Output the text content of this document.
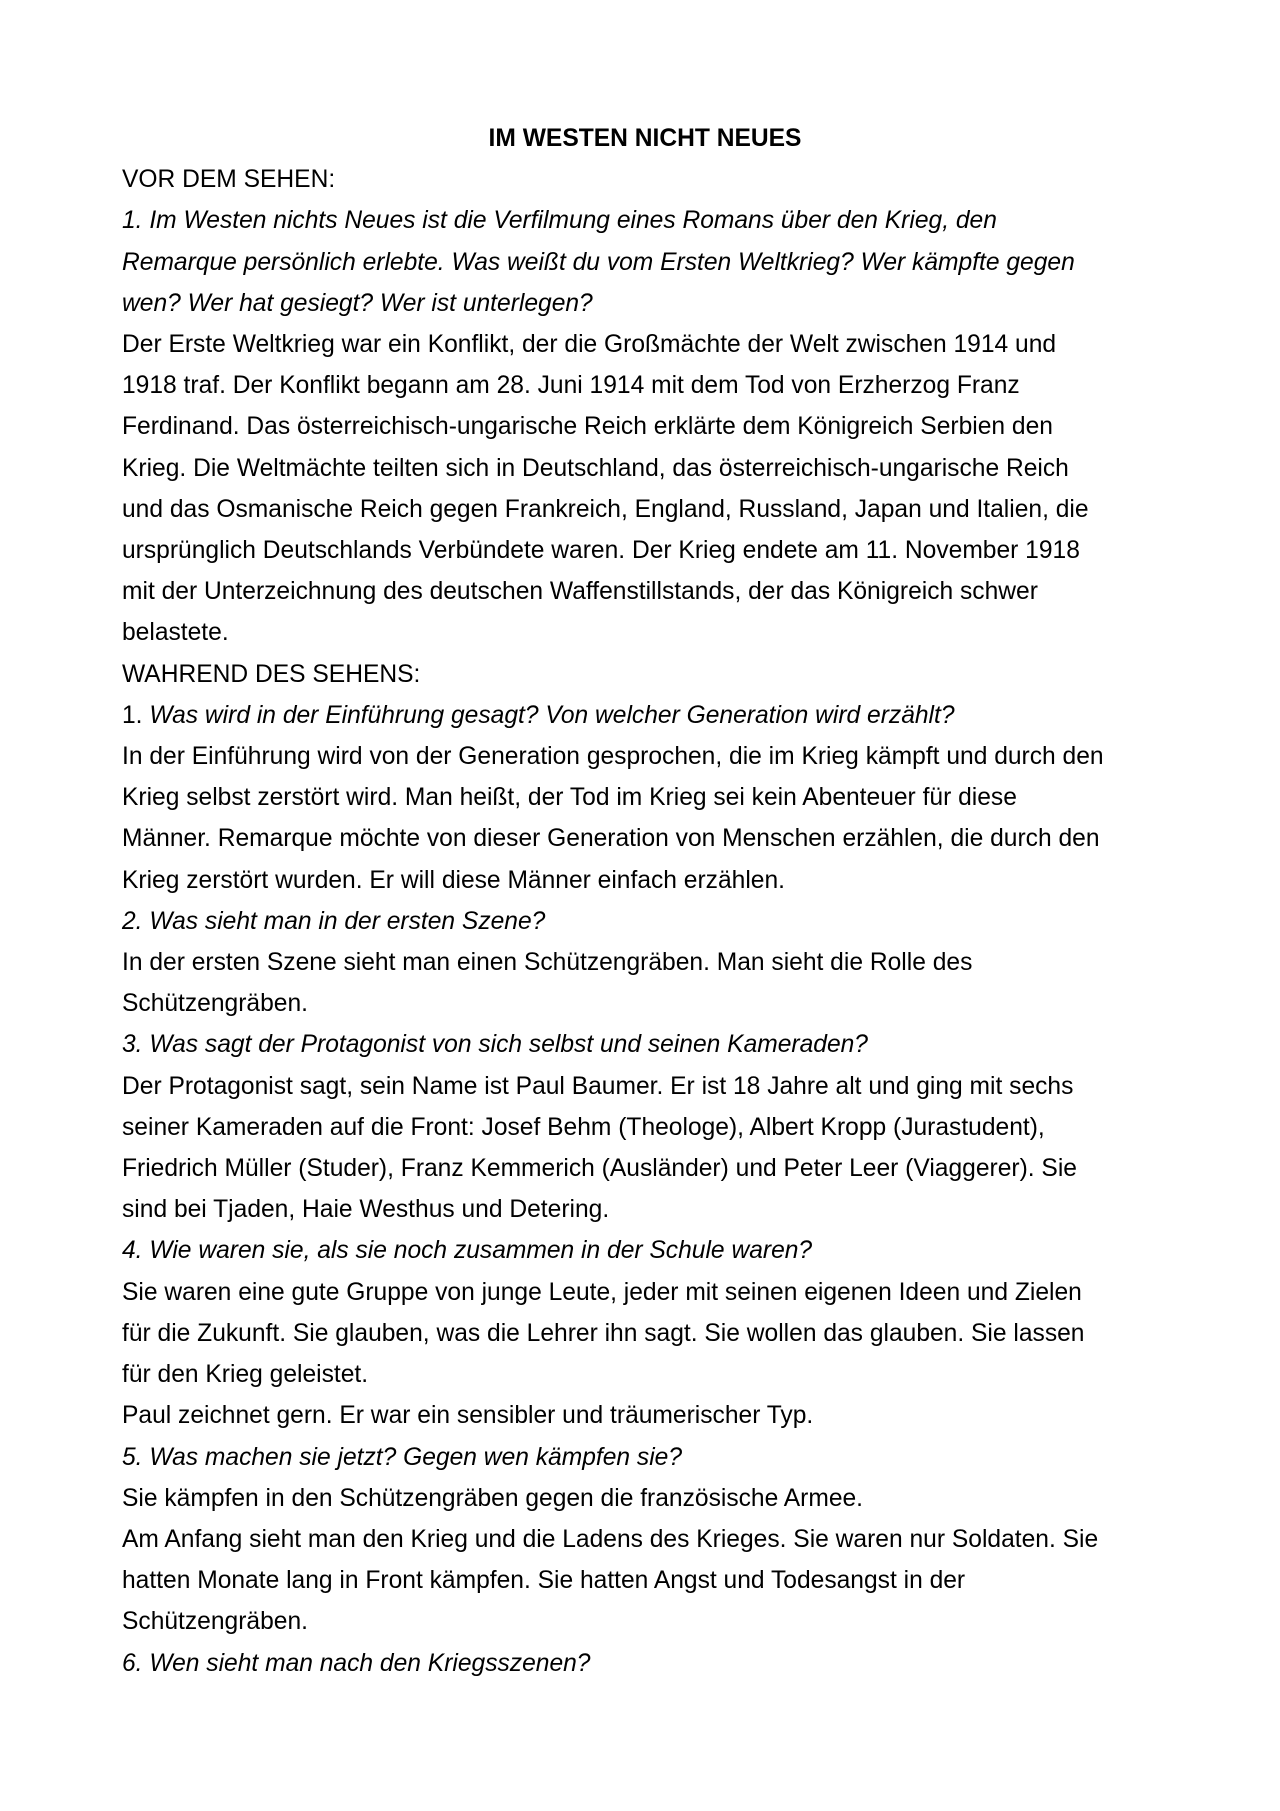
IM WESTEN NICHT NEUES

VOR DEM SEHEN:

1. Im Westen nichts Neues ist die Verfilmung eines Romans über den Krieg, den

Remarque persönlich erlebte. Was weißt du vom Ersten Weltkrieg? Wer kämpfte gegen

wen? Wer hat gesiegt? Wer ist unterlegen?

Der Erste Weltkrieg war ein Konflikt, der die Großmächte der Welt zwischen 1914 und

1918 traf. Der Konflikt begann am 28. Juni 1914 mit dem Tod von Erzherzog Franz

Ferdinand. Das österreichisch-ungarische Reich erklärte dem Königreich Serbien den

Krieg. Die Weltmächte teilten sich in Deutschland, das österreichisch-ungarische Reich

und das Osmanische Reich gegen Frankreich, England, Russland, Japan und Italien, die

ursprünglich Deutschlands Verbündete waren. Der Krieg endete am 11. November 1918

mit der Unterzeichnung des deutschen Waffenstillstands, der das Königreich schwer

belastete.

WAHREND DES SEHENS:

1. Was wird in der Einführung gesagt? Von welcher Generation wird erzählt?

In der Einführung wird von der Generation gesprochen, die im Krieg kämpft und durch den

Krieg selbst zerstört wird. Man heißt, der Tod im Krieg sei kein Abenteuer für diese

Männer. Remarque möchte von dieser Generation von Menschen erzählen, die durch den

Krieg zerstört wurden. Er will diese Männer einfach erzählen.

2. Was sieht man in der ersten Szene?

In der ersten Szene sieht man einen Schützengräben. Man sieht die Rolle des

Schützengräben.

3. Was sagt der Protagonist von sich selbst und seinen Kameraden?

Der Protagonist sagt, sein Name ist Paul Baumer. Er ist 18 Jahre alt und ging mit sechs

seiner Kameraden auf die Front: Josef Behm (Theologe), Albert Kropp (Jurastudent),

Friedrich Müller (Studer), Franz Kemmerich (Ausländer) und Peter Leer (Viaggerer). Sie

sind bei Tjaden, Haie Westhus und Detering.

4. Wie waren sie, als sie noch zusammen in der Schule waren?

Sie waren eine gute Gruppe von junge Leute, jeder mit seinen eigenen Ideen und Zielen

für die Zukunft. Sie glauben, was die Lehrer ihn sagt. Sie wollen das glauben. Sie lassen

für den Krieg geleistet.

Paul zeichnet gern. Er war ein sensibler und träumerischer Typ.

5. Was machen sie jetzt? Gegen wen kämpfen sie?

Sie kämpfen in den Schützengräben gegen die französische Armee.

Am Anfang sieht man den Krieg und die Ladens des Krieges. Sie waren nur Soldaten. Sie

hatten Monate lang in Front kämpfen. Sie hatten Angst und Todesangst in der

Schützengräben.

6. Wen sieht man nach den Kriegsszenen?
